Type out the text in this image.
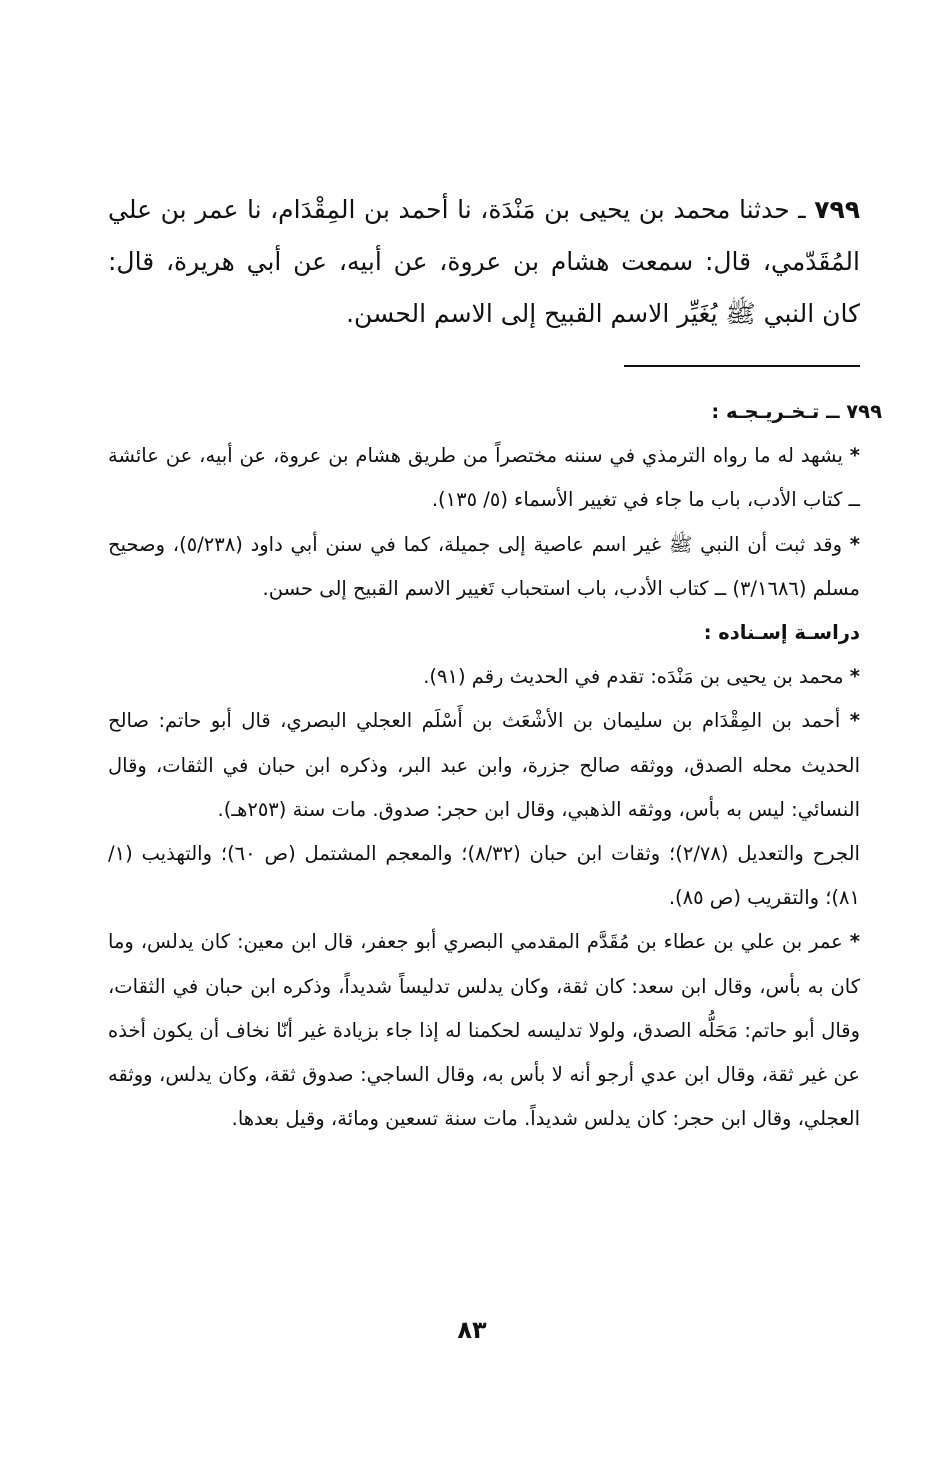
٧٩٩ ـ حدثنا محمد بن يحيى بن مَنْدَة، نا أحمد بن المِقْدَام، نا عمر بن علي المُقَدّمي، قال: سمعت هشام بن عروة، عن أبيه، عن أبي هريرة، قال: كان النبي ﷺ يُغَيِّر الاسم القبيح إلى الاسم الحسن.

٧٩٩ ــ تـخـريـجـه :

* يشهد له ما رواه الترمذي في سننه مختصراً من طريق هشام بن عروة، عن أبيه، عن عائشة ــ كتاب الأدب، باب ما جاء في تغيير الأسماء (٥/ ١٣٥).

* وقد ثبت أن النبي ﷺ غير اسم عاصية إلى جميلة، كما في سنن أبي داود (٥/٢٣٨)، وصحيح مسلم (٣/١٦٨٦) ــ كتاب الأدب، باب استحباب تَغيير الاسم القبيح إلى حسن.

دراسـة إسـناده :

* محمد بن يحيى بن مَنْدَه: تقدم في الحديث رقم (٩١).

* أحمد بن المِقْدَام بن سليمان بن الأشْعَث بن أَسْلَم العجلي البصري، قال أبو حاتم: صالح الحديث محله الصدق، ووثقه صالح جزرة، وابن عبد البر، وذكره ابن حبان في الثقات، وقال النسائي: ليس به بأس، ووثقه الذهبي، وقال ابن حجر: صدوق. مات سنة (٢٥٣هـ).

الجرح والتعديل (٢/٧٨)؛ وثقات ابن حبان (٨/٣٢)؛ والمعجم المشتمل (ص ٦٠)؛ والتهذيب (١/ ٨١)؛ والتقريب (ص ٨٥).

* عمر بن علي بن عطاء بن مُقَدَّم المقدمي البصري أبو جعفر، قال ابن معين: كان يدلس، وما كان به بأس، وقال ابن سعد: كان ثقة، وكان يدلس تدليساً شديداً، وذكره ابن حبان في الثقات، وقال أبو حاتم: مَحَلُّه الصدق، ولولا تدليسه لحكمنا له إذا جاء بزيادة غير أنّا نخاف أن يكون أخذه عن غير ثقة، وقال ابن عدي أرجو أنه لا بأس به، وقال الساجي: صدوق ثقة، وكان يدلس، ووثقه العجلي، وقال ابن حجر: كان يدلس شديداً. مات سنة تسعين ومائة، وقيل بعدها.

٨٣
